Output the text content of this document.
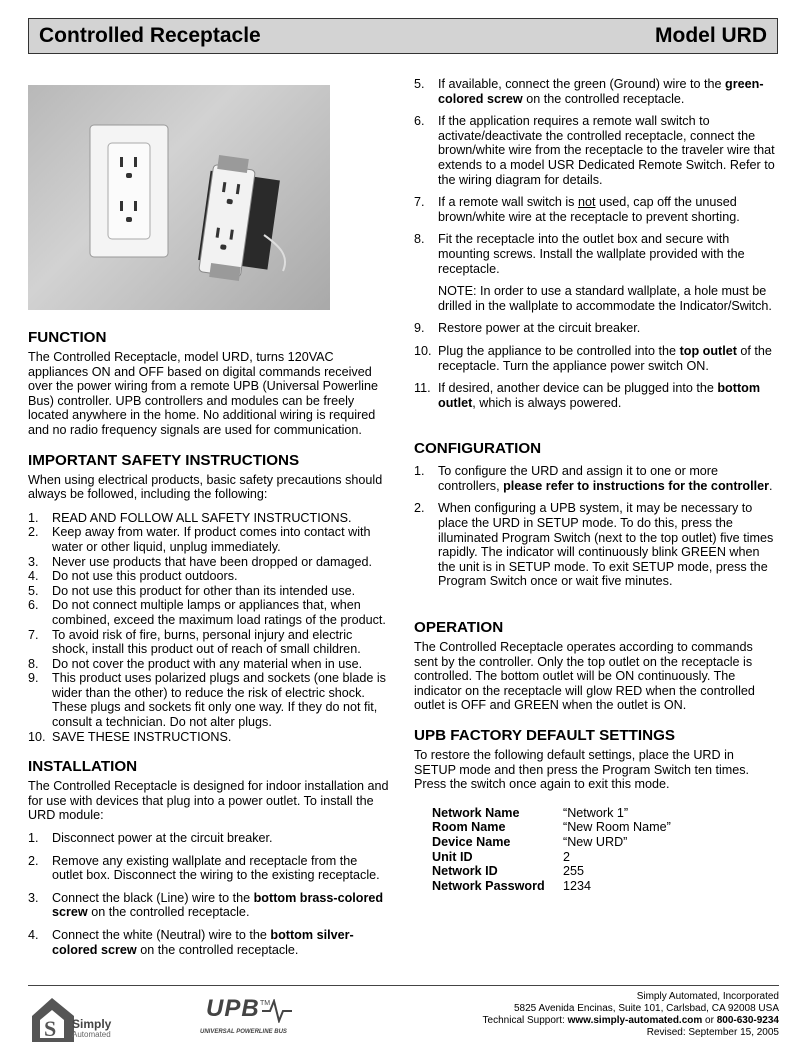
Controlled Receptacle	Model URD
FUNCTION

The Controlled Receptacle, model URD, turns 120VAC appliances ON and OFF based on digital commands received over the power wiring from a remote UPB (Universal Powerline Bus) controller. UPB controllers and modules can be freely located anywhere in the home. No additional wiring is required and no radio frequency signals are used for communication.

IMPORTANT SAFETY INSTRUCTIONS

When using electrical products, basic safety precautions should always be followed, including the following:

1. READ AND FOLLOW ALL SAFETY INSTRUCTIONS.
2. Keep away from water. If product comes into contact with water or other liquid, unplug immediately.
3. Never use products that have been dropped or damaged.
4. Do not use this product outdoors.
5. Do not use this product for other than its intended use.
6. Do not connect multiple lamps or appliances that, when combined, exceed the maximum load ratings of the product.
7. To avoid risk of fire, burns, personal injury and electric shock, install this product out of reach of small children.
8. Do not cover the product with any material when in use.
9. This product uses polarized plugs and sockets (one blade is wider than the other) to reduce the risk of electric shock. These plugs and sockets fit only one way. If they do not fit, consult a technician. Do not alter plugs.
10. SAVE THESE INSTRUCTIONS.
INSTALLATION

The Controlled Receptacle is designed for indoor installation and for use with devices that plug into a power outlet. To install the URD module:

1. Disconnect power at the circuit breaker.
2. Remove any existing wallplate and receptacle from the outlet box. Disconnect the wiring to the existing receptacle.
3. Connect the black (Line) wire to the bottom brass-colored screw on the controlled receptacle.
4. Connect the white (Neutral) wire to the bottom silver-colored screw on the controlled receptacle.
5. If available, connect the green (Ground) wire to the green-colored screw on the controlled receptacle.
6. If the application requires a remote wall switch to activate/deactivate the controlled receptacle, connect the brown/white wire from the receptacle to the traveler wire that extends to a model USR Dedicated Remote Switch. Refer to the wiring diagram for details.
7. If a remote wall switch is not used, cap off the unused brown/white wire at the receptacle to prevent shorting.
8. Fit the receptacle into the outlet box and secure with mounting screws. Install the wallplate provided with the receptacle.

NOTE: In order to use a standard wallplate, a hole must be drilled in the wallplate to accommodate the Indicator/Switch.

9. Restore power at the circuit breaker.
10. Plug the appliance to be controlled into the top outlet of the receptacle. Turn the appliance power switch ON.
11. If desired, another device can be plugged into the bottom outlet, which is always powered.
CONFIGURATION
1. To configure the URD and assign it to one or more controllers, please refer to instructions for the controller.
2. When configuring a UPB system, it may be necessary to place the URD in SETUP mode. To do this, press the illuminated Program Switch (next to the top outlet) five times rapidly. The indicator will continuously blink GREEN when the unit is in SETUP mode. To exit SETUP mode, press the Program Switch once or wait five minutes.
OPERATION

The Controlled Receptacle operates according to commands sent by the controller. Only the top outlet on the receptacle is controlled. The bottom outlet will be ON continuously. The indicator on the receptacle will glow RED when the controlled outlet is OFF and GREEN when the outlet is ON.

UPB FACTORY DEFAULT SETTINGS

To restore the following default settings, place the URD in SETUP mode and then press the Program Switch ten times. Press the switch once again to exit this mode.

Network Name	“Network 1”
Room Name	“New Room Name”
Device Name	“New URD”
Unit ID	2
Network ID	255
Network Password	1234
S Simply
Automated
UPB TM
UNIVERSAL POWERLINE BUS
Simply Automated, Incorporated
5825 Avenida Encinas, Suite 101, Carlsbad, CA 92008 USA
Technical Support: www.simply-automated.com or 800-630-9234
Revised: September 15, 2005
